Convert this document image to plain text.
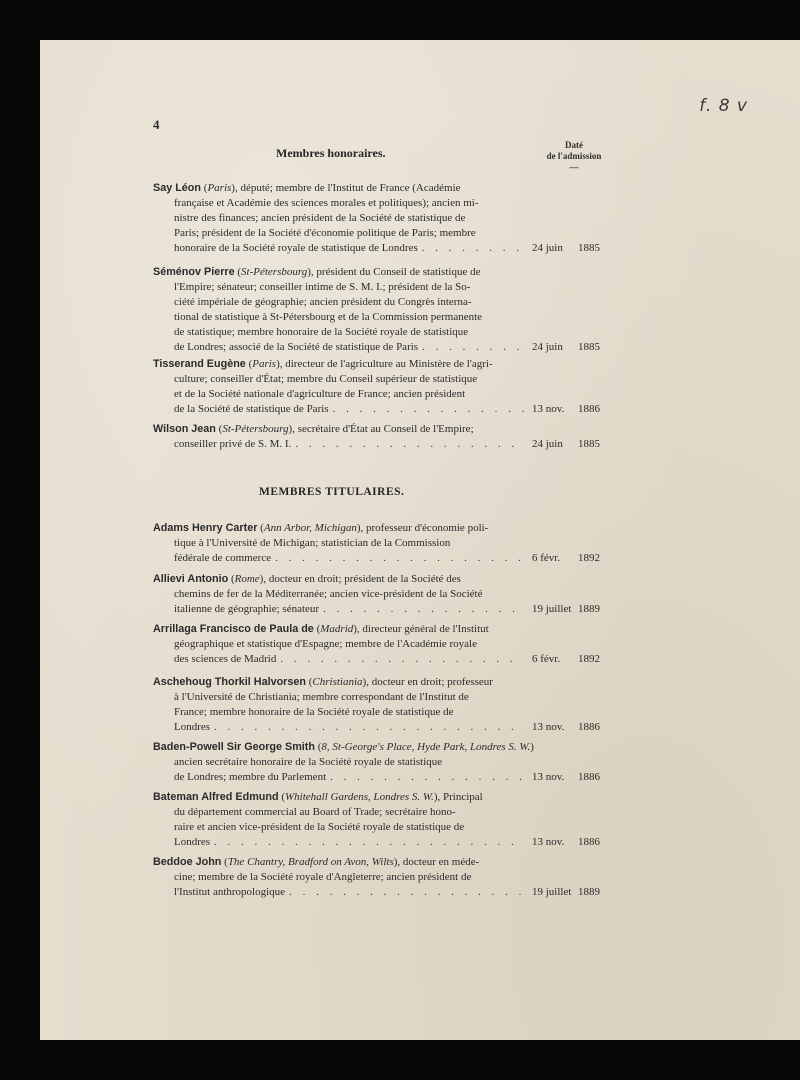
f. 8 v
4
Membres honoraires.
Daté
de l'admission
—
MEMBRES TITULAIRES.
Say Léon (Paris), député; membre de l'Institut de France (Académie
française et Académie des sciences morales et politiques); ancien mi-
nistre des finances; ancien président de la Société de statistique de
Paris; président de la Société d'économie politique de Paris; membre
honoraire de la Société royale de statistique de Londres . . .	24 juin 1885
Séménov Pierre (St-Pétersbourg), président du Conseil de statistique de
l'Empire; sénateur; conseiller intime de S. M. I.; président de la So-
ciété impériale de géographie; ancien président du Congrès interna-
tional de statistique à St-Pétersbourg et de la Commission permanente
de statistique; membre honoraire de la Société royale de statistique
de Londres; associé de la Société de statistique de Paris . . .	24 juin 1885
Tisserand Eugène (Paris), directeur de l'agriculture au Ministère de l'agri-
culture; conseiller d'État; membre du Conseil supérieur de statistique
et de la Société nationale d'agriculture de France; ancien président
de la Société de statistique de Paris . . .	13 nov. 1886
Wilson Jean (St-Pétersbourg), secrétaire d'État au Conseil de l'Empire;
conseiller privé de S. M. I. . . .	24 juin 1885
Adams Henry Carter (Ann Arbor, Michigan), professeur d'économie poli-
tique à l'Université de Michigan; statistician de la Commission
fédérale de commerce . . .	6 févr. 1892
Allievi Antonio (Rome), docteur en droit; président de la Société des
chemins de fer de la Méditerranée; ancien vice-président de la Société
italienne de géographie; sénateur . . .	19 juillet 1889
Arrillaga Francisco de Paula de (Madrid), directeur général de l'Institut
géographique et statistique d'Espagne; membre de l'Académie royale
des sciences de Madrid . . .	6 févr. 1892
Aschehoug Thorkil Halvorsen (Christiania), docteur en droit; professeur
à l'Université de Christiania; membre correspondant de l'Institut de
France; membre honoraire de la Société royale de statistique de
Londres . . .	13 nov. 1886
Baden-Powell Sir George Smith (8, St-George's Place, Hyde Park, Londres S. W.)
ancien secrétaire honoraire de la Société royale de statistique
de Londres; membre du Parlement . . .	13 nov. 1886
Bateman Alfred Edmund (Whitehall Gardens, Londres S. W.), Principal
du département commercial au Board of Trade; secrétaire hono-
raire et ancien vice-président de la Société royale de statistique de
Londres . . .	13 nov. 1886
Beddoe John (The Chantry, Bradford on Avon, Wilts), docteur en méde-
cine; membre de la Société royale d'Angleterre; ancien président de
l'Institut anthropologique . . .	19 juillet 1889
